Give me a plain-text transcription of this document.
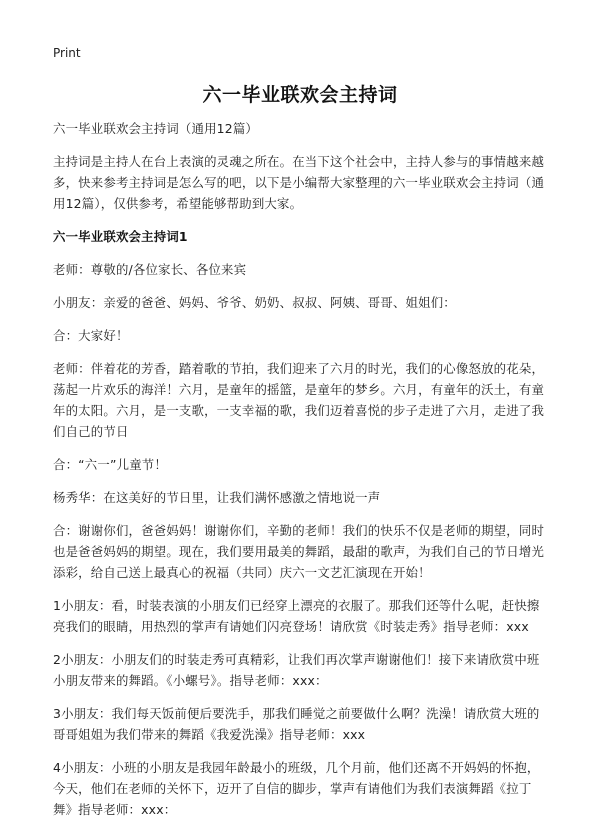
Print
六一毕业联欢会主持词

六一毕业联欢会主持词（通用12篇）

主持词是主持人在台上表演的灵魂之所在。在当下这个社会中，主持人参与的事情越来越多，快来参考主持词是怎么写的吧，以下是小编帮大家整理的六一毕业联欢会主持词（通用12篇），仅供参考，希望能够帮助到大家。

六一毕业联欢会主持词1

老师：尊敬的/各位家长、各位来宾

小朋友：亲爱的爸爸、妈妈、爷爷、奶奶、叔叔、阿姨、哥哥、姐姐们：

合：大家好！

老师：伴着花的芳香，踏着歌的节拍，我们迎来了六月的时光，我们的心像怒放的花朵，荡起一片欢乐的海洋！六月，是童年的摇篮，是童年的梦乡。六月，有童年的沃土，有童年的太阳。六月，是一支歌，一支幸福的歌，我们迈着喜悦的步子走进了六月，走进了我们自己的节日

合：“六一”儿童节！

杨秀华：在这美好的节日里，让我们满怀感激之情地说一声

合：谢谢你们，爸爸妈妈！谢谢你们，辛勤的老师！我们的快乐不仅是老师的期望，同时也是爸爸妈妈的期望。现在，我们要用最美的舞蹈，最甜的歌声，为我们自己的节日增光添彩，给自己送上最真心的祝福（共同）庆六一文艺汇演现在开始！

1小朋友：看，时装表演的小朋友们已经穿上漂亮的衣服了。那我们还等什么呢，赶快擦亮我们的眼睛，用热烈的掌声有请她们闪亮登场！请欣赏《时装走秀》指导老师：xxx

2小朋友：小朋友们的时装走秀可真精彩，让我们再次掌声谢谢他们！接下来请欣赏中班小朋友带来的舞蹈。《小螺号》。指导老师：xxx：

3小朋友：我们每天饭前便后要洗手，那我们睡觉之前要做什么啊？洗澡！请欣赏大班的哥哥姐姐为我们带来的舞蹈《我爱洗澡》指导老师：xxx

4小朋友：小班的小朋友是我园年龄最小的班级，几个月前，他们还离不开妈妈的怀抱，今天，他们在老师的关怀下，迈开了自信的脚步，掌声有请他们为我们表演舞蹈《拉丁舞》指导老师：xxx：
